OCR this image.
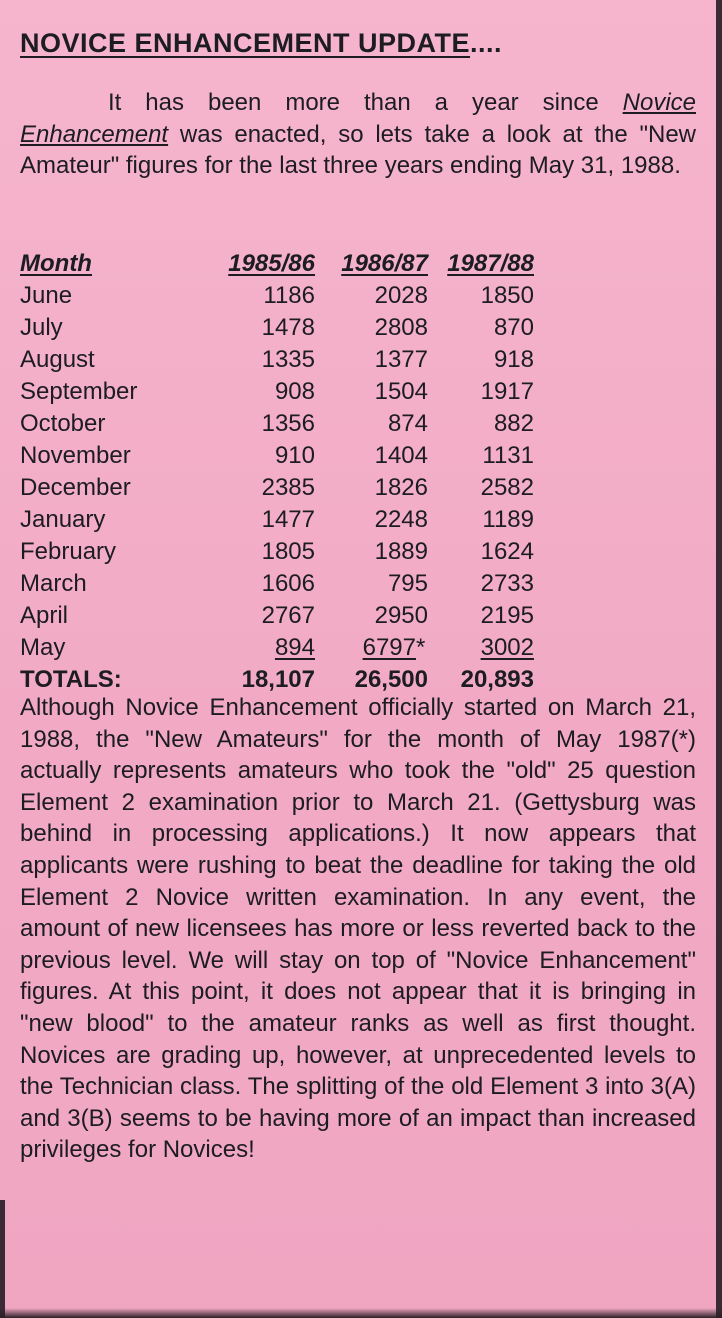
NOVICE ENHANCEMENT UPDATE....

It has been more than a year since Novice Enhancement was enacted, so lets take a look at the "New Amateur" figures for the last three years ending May 31, 1988.

Month	1985/86	1986/87	1987/88
June	1186	2028	1850
July	1478	2808	870
August	1335	1377	918
September	908	1504	1917
October	1356	874	882
November	910	1404	1131
December	2385	1826	2582
January	1477	2248	1189
February	1805	1889	1624
March	1606	795	2733
April	2767	2950	2195
May	894	6797*	3002
TOTALS:	18,107	26,500	20,893

Although Novice Enhancement officially started on March 21, 1988, the "New Amateurs" for the month of May 1987(*) actually represents amateurs who took the "old" 25 question Element 2 examination prior to March 21. (Gettysburg was behind in processing applications.) It now appears that applicants were rushing to beat the deadline for taking the old Element 2 Novice written examination. In any event, the amount of new licensees has more or less reverted back to the previous level. We will stay on top of "Novice Enhancement" figures. At this point, it does not appear that it is bringing in "new blood" to the amateur ranks as well as first thought. Novices are grading up, however, at unprecedented levels to the Technician class. The splitting of the old Element 3 into 3(A) and 3(B) seems to be having more of an impact than increased privileges for Novices!
